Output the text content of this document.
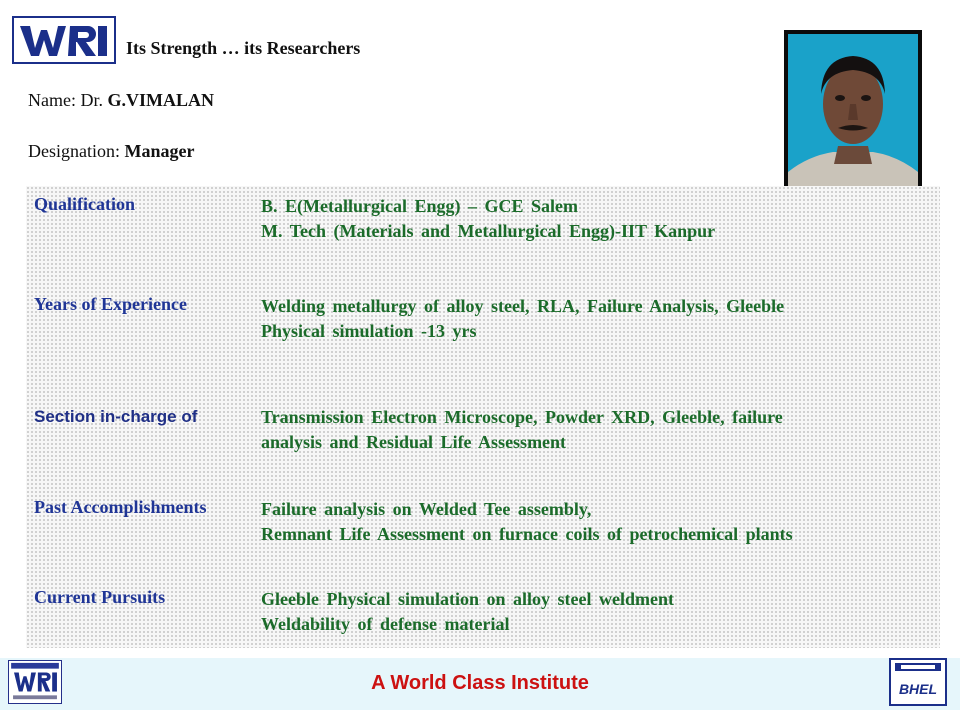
Its Strength … its Researchers
Name: Dr. G.VIMALAN
Designation: Manager
Qualification	B. E(Metallurgical Engg) – GCE Salem
M. Tech (Materials and Metallurgical Engg)-IIT Kanpur
Years of Experience	Welding metallurgy of alloy steel, RLA, Failure Analysis, Gleeble
Physical simulation -13 yrs
Section in-charge of	Transmission Electron Microscope, Powder XRD, Gleeble, failure
analysis and Residual Life Assessment
Past Accomplishments	Failure analysis on Welded Tee assembly,
Remnant Life Assessment on furnace coils of petrochemical plants
Current Pursuits	Gleeble Physical simulation on alloy steel weldment
Weldability of defense material
A World Class Institute	BHEL
